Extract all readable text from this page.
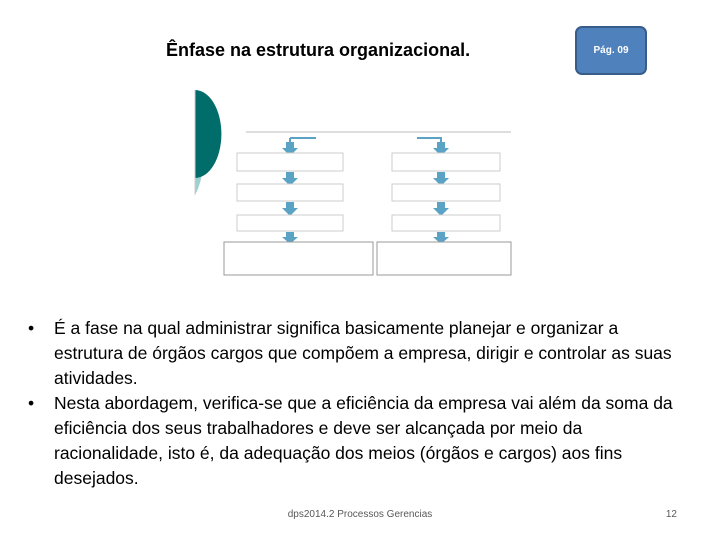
Ênfase na estrutura organizacional.	Pág. 09

•	É a fase na qual administrar significa basicamente planejar e organizar a estrutura de órgãos cargos que compõem a empresa, dirigir e controlar as suas atividades.

•	Nesta abordagem, verifica-se que a eficiência da empresa vai além da soma da eficiência dos seus trabalhadores e deve ser alcançada por meio da racionalidade, isto é, da adequação dos meios (órgãos e cargos) aos fins desejados.

dps2014.2 Processos Gerencias	12
